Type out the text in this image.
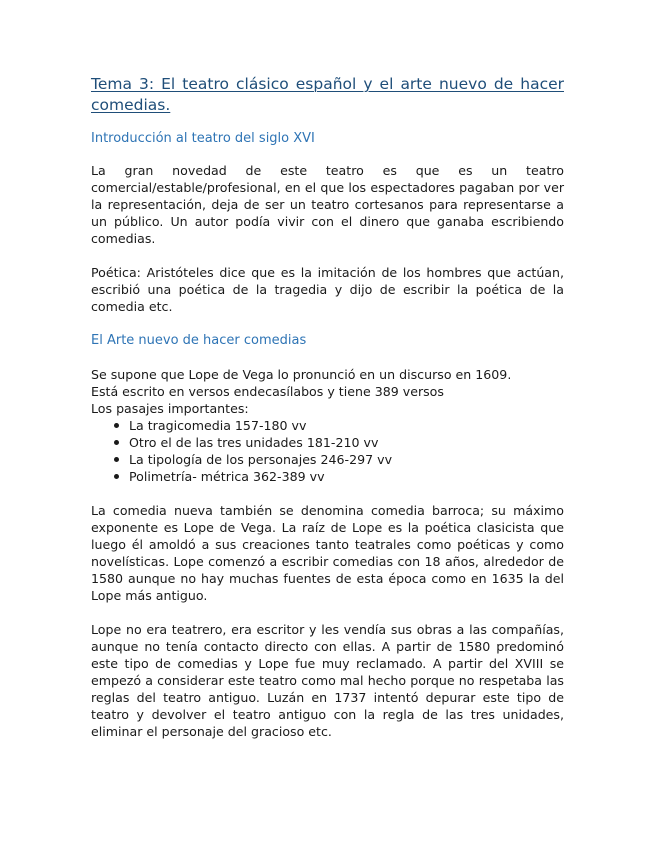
Tema 3: El teatro clásico español y el arte nuevo de hacer comedias.
Introducción al teatro del siglo XVI

La gran novedad de este teatro es que es un teatro comercial/estable/profesional, en el que los espectadores pagaban por ver la representación, deja de ser un teatro cortesanos para representarse a un público. Un autor podía vivir con el dinero que ganaba escribiendo comedias.

Poética: Aristóteles dice que es la imitación de los hombres que actúan, escribió una poética de la tragedia y dijo de escribir la poética de la comedia etc.

El Arte nuevo de hacer comedias

Se supone que Lope de Vega lo pronunció en un discurso en 1609.

Está escrito en versos endecasílabos y tiene 389 versos

Los pasajes importantes:

La tragicomedia 157-180 vv
Otro el de las tres unidades 181-210 vv
La tipología de los personajes 246-297 vv
Polimetría- métrica 362-389 vv

La comedia nueva también se denomina comedia barroca; su máximo exponente es Lope de Vega. La raíz de Lope es la poética clasicista que luego él amoldó a sus creaciones tanto teatrales como poéticas y como novelísticas. Lope comenzó a escribir comedias con 18 años, alrededor de 1580 aunque no hay muchas fuentes de esta época como en 1635 la del Lope más antiguo.

Lope no era teatrero, era escritor y les vendía sus obras a las compañías, aunque no tenía contacto directo con ellas. A partir de 1580 predominó este tipo de comedias y Lope fue muy reclamado. A partir del XVIII se empezó a considerar este teatro como mal hecho porque no respetaba las reglas del teatro antiguo. Luzán en 1737 intentó depurar este tipo de teatro y devolver el teatro antiguo con la regla de las tres unidades, eliminar el personaje del gracioso etc.
